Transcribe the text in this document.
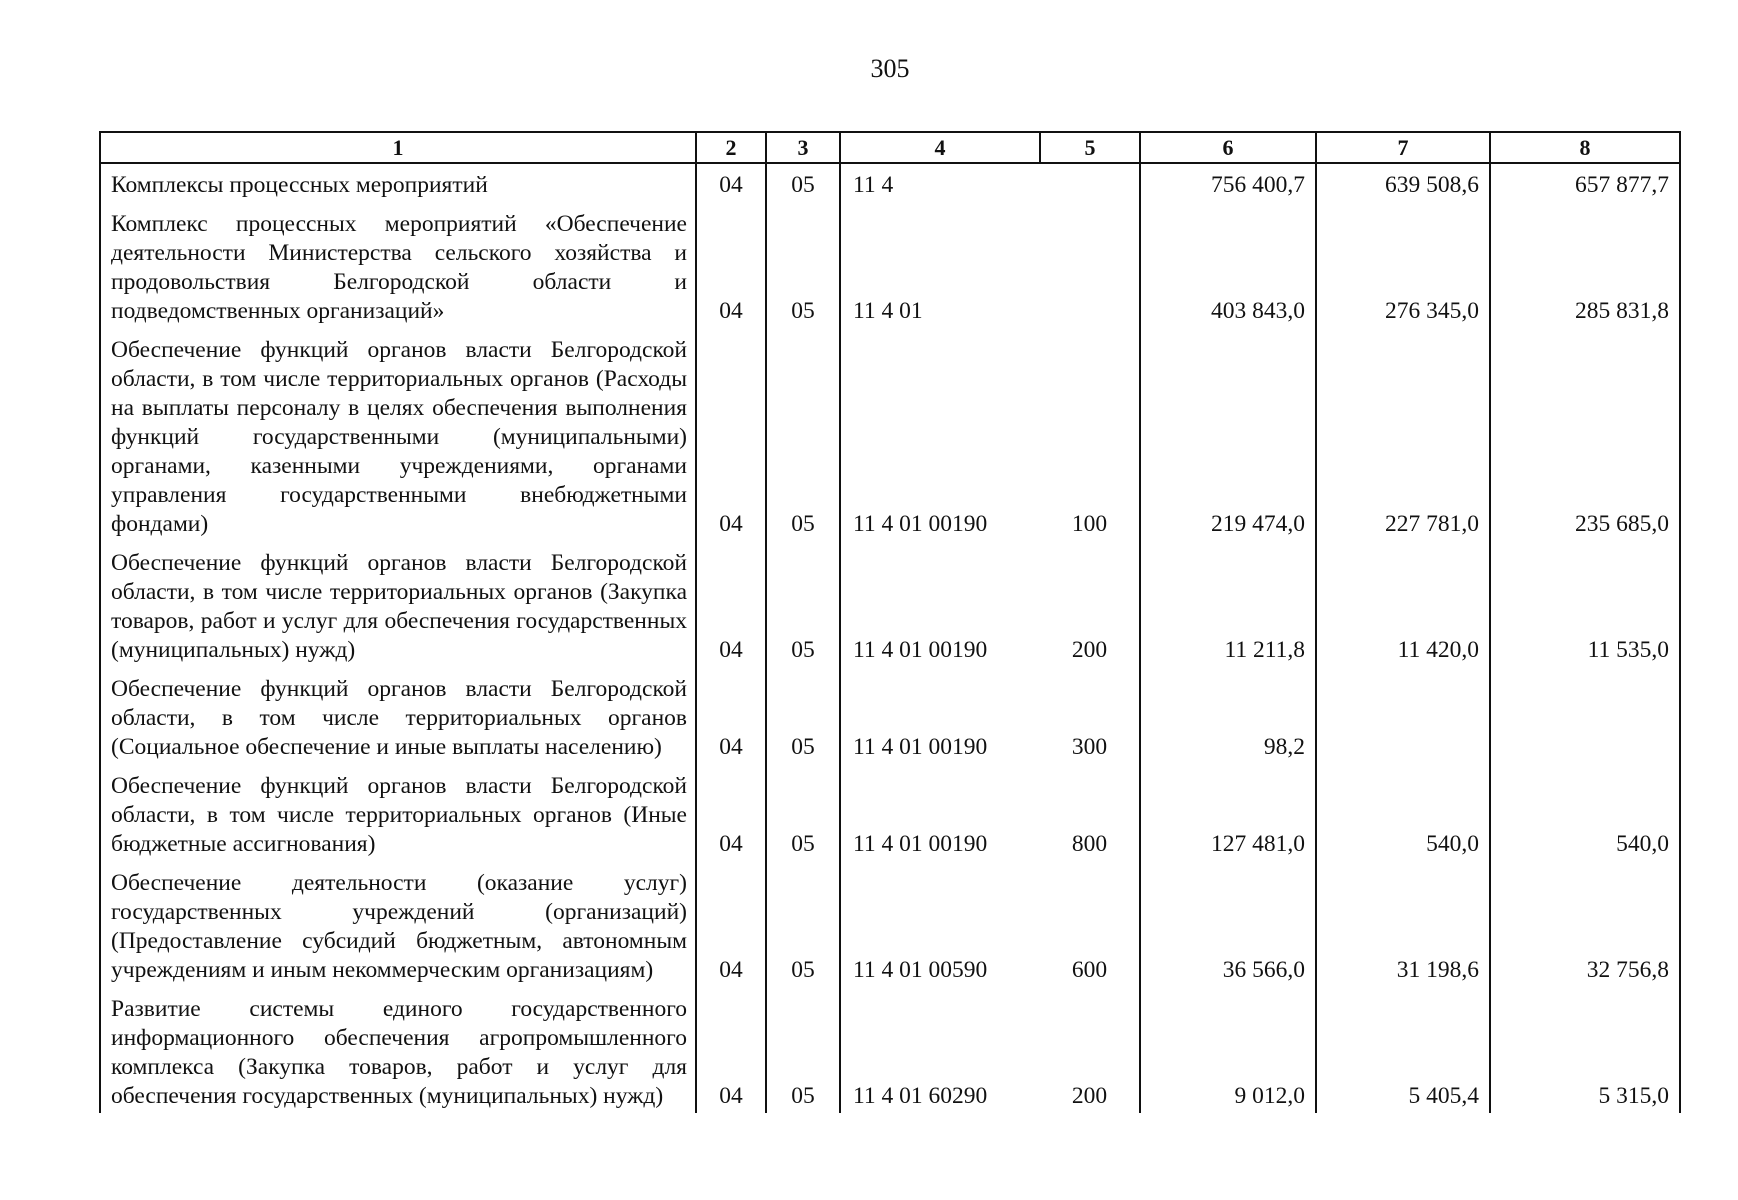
305
1	2	3	4	5	6	7	8
Комплексы процессных мероприятий	04	05	11 4		756 400,7	639 508,6	657 877,7
Комплекс процессных мероприятий «Обеспечение деятельности Министерства сельского хозяйства и продовольствия Белгородской области и подведомственных организаций»	04	05	11 4 01		403 843,0	276 345,0	285 831,8
Обеспечение функций органов власти Белгородской области, в том числе территориальных органов (Расходы на выплаты персоналу в целях обеспечения выполнения функций государственными (муниципальными) органами, казенными учреждениями, органами управления государственными внебюджетными фондами)	04	05	11 4 01 00190	100	219 474,0	227 781,0	235 685,0
Обеспечение функций органов власти Белгородской области, в том числе территориальных органов (Закупка товаров, работ и услуг для обеспечения государственных (муниципальных) нужд)	04	05	11 4 01 00190	200	11 211,8	11 420,0	11 535,0
Обеспечение функций органов власти Белгородской области, в том числе территориальных органов (Социальное обеспечение и иные выплаты населению)	04	05	11 4 01 00190	300	98,2		
Обеспечение функций органов власти Белгородской области, в том числе территориальных органов (Иные бюджетные ассигнования)	04	05	11 4 01 00190	800	127 481,0	540,0	540,0
Обеспечение деятельности (оказание услуг) государственных учреждений (организаций) (Предоставление субсидий бюджетным, автономным учреждениям и иным некоммерческим организациям)	04	05	11 4 01 00590	600	36 566,0	31 198,6	32 756,8
Развитие системы единого государственного информационного обеспечения агропромышленного комплекса (Закупка товаров, работ и услуг для обеспечения государственных (муниципальных) нужд)	04	05	11 4 01 60290	200	9 012,0	5 405,4	5 315,0
